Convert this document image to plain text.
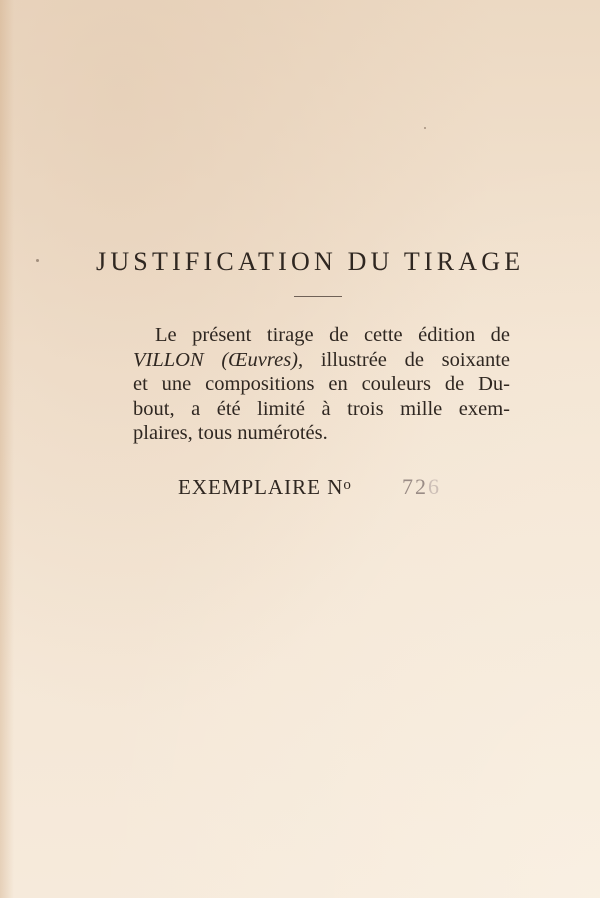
JUSTIFICATION DU TIRAGE
Le présent tirage de cette édition de
VILLON (Œuvres), illustrée de soixante
et une compositions en couleurs de Du-
bout, a été limité à trois mille exem-
plaires, tous numérotés.
EXEMPLAIRE $N^o$ 726
